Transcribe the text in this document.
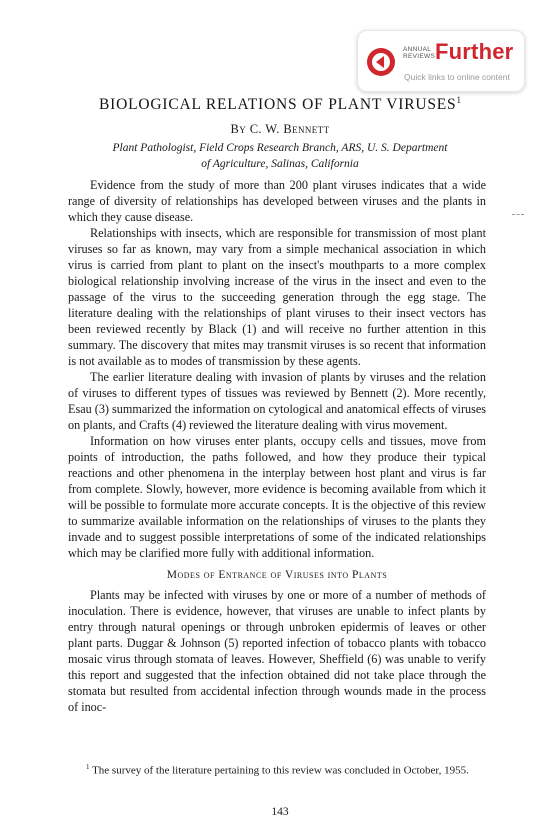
ANNUAL REVIEWS Further
Quick links to online content
BIOLOGICAL RELATIONS OF PLANT VIRUSES$^1$
By C. W. Bennett
Plant Pathologist, Field Crops Research Branch, ARS, U. S. Department
of Agriculture, Salinas, California

Evidence from the study of more than 200 plant viruses indicates that a wide range of diversity of relationships has developed between viruses and the plants in which they cause disease.

Relationships with insects, which are responsible for transmission of most plant viruses so far as known, may vary from a simple mechanical association in which virus is carried from plant to plant on the insect's mouthparts to a more complex biological relationship involving increase of the virus in the insect and even to the passage of the virus to the succeeding generation through the egg stage. The literature dealing with the relationships of plant viruses to their insect vectors has been reviewed recently by Black (1) and will receive no further attention in this summary. The discovery that mites may transmit viruses is so recent that information is not available as to modes of transmission by these agents.

The earlier literature dealing with invasion of plants by viruses and the relation of viruses to different types of tissues was reviewed by Bennett (2). More recently, Esau (3) summarized the information on cytological and anatomical effects of viruses on plants, and Crafts (4) reviewed the literature dealing with virus movement.

Information on how viruses enter plants, occupy cells and tissues, move from points of introduction, the paths followed, and how they produce their typical reactions and other phenomena in the interplay between host plant and virus is far from complete. Slowly, however, more evidence is becoming available from which it will be possible to formulate more accurate concepts. It is the objective of this review to summarize available information on the relationships of viruses to the plants they invade and to suggest possible interpretations of some of the indicated relationships which may be clarified more fully with additional information.

Modes of Entrance of Viruses into Plants

Plants may be infected with viruses by one or more of a number of methods of inoculation. There is evidence, however, that viruses are unable to infect plants by entry through natural openings or through unbroken epidermis of leaves or other plant parts. Duggar & Johnson (5) reported infection of tobacco plants with tobacco mosaic virus through stomata of leaves. However, Sheffield (6) was unable to verify this report and suggested that the infection obtained did not take place through the stomata but resulted from accidental infection through wounds made in the process of inoc-

$^1$ The survey of the literature pertaining to this review was concluded in October, 1955.

143
